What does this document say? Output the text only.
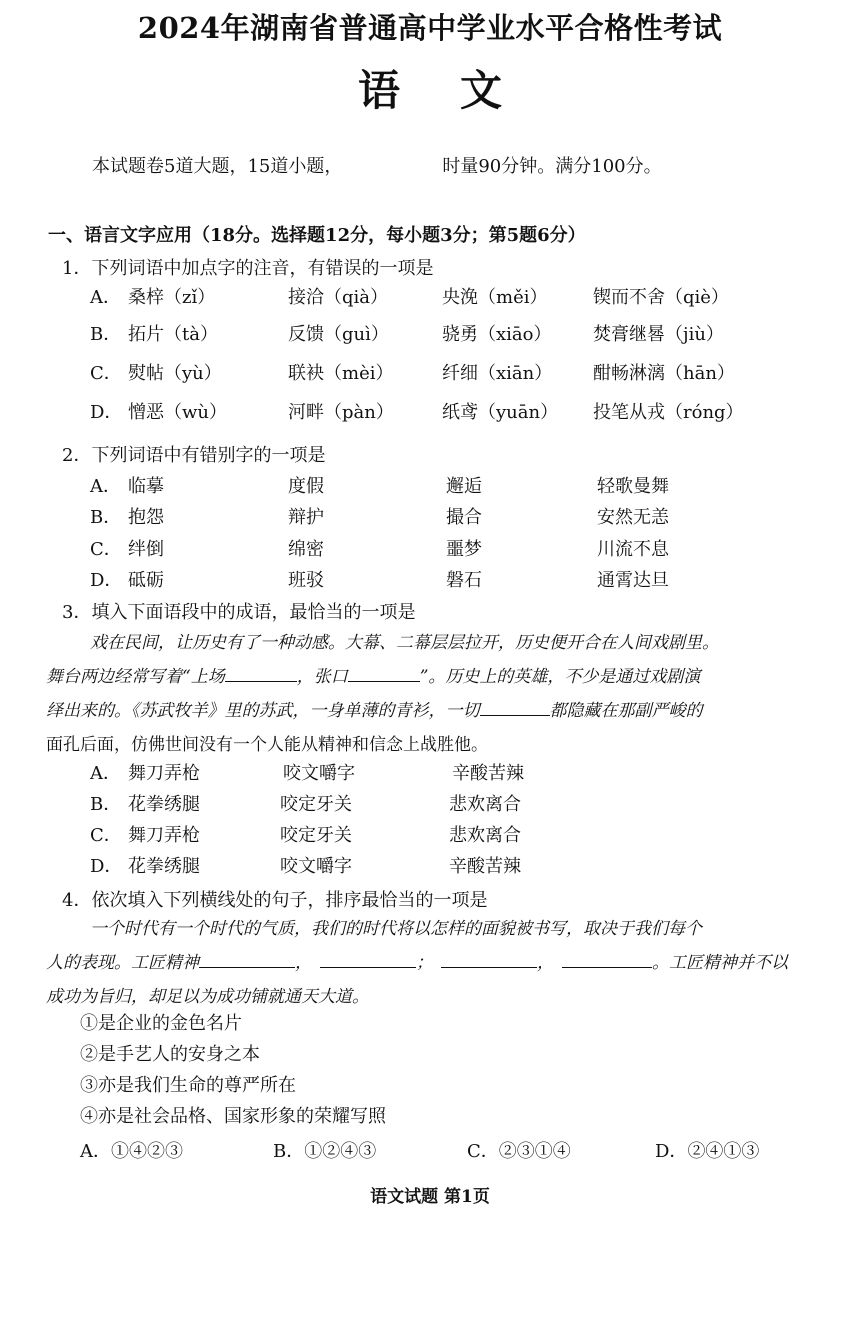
2024年湖南省普通高中学业水平合格性考试
语文
本试题卷5道大题，15道小题，	时量90分钟。满分100分。
一、语言文字应用（18分。选择题12分，每小题3分；第5题6分）
1．下列词语中加点字的注音，有错误的一项是
A． 桑梓（zǐ）	接洽（qià）	央浼（měi）	锲而不舍（qiè）
B． 拓片（tà）	反馈（guì）	骁勇（xiāo） 焚膏继晷（jiù）
C． 熨帖（yù）	联袂（mèi）	纤细（xiān） 酣畅淋漓（hān）
D． 憎恶（wù）	河畔（pàn）	纸鸢（yuān） 投笔从戎（róng）
2．下列词语中有错别字的一项是
A． 临摹	度假	邂逅	轻歌曼舞
B． 抱怨	辩护	撮合	安然无恙
C． 绊倒	绵密	噩梦	川流不息
D． 砥砺	班驳	磐石	通霄达旦
3．填入下面语段中的成语，最恰当的一项是
戏在民间，让历史有了一种动感。大幕、二幕层层拉开，历史便开合在人间戏剧里。
舞台两边经常写着“上场	，张口	”。历史上的英雄，不少是通过戏剧演
绎出来的。《苏武牧羊》里的苏武，一身单薄的青衫，一切	都隐藏在那副严峻的
面孔后面，仿佛世间没有一个人能从精神和信念上战胜他。
A． 舞刀弄枪	咬文嚼字	辛酸苦辣
B． 花拳绣腿	咬定牙关	悲欢离合
C． 舞刀弄枪	咬定牙关	悲欢离合
D． 花拳绣腿	咬文嚼字	辛酸苦辣
4．依次填入下列横线处的句子，排序最恰当的一项是
一个时代有一个时代的气质，我们的时代将以怎样的面貌被书写，取决于我们每个
人的表现。工匠精神	，	；	，	。工匠精神并不以
成功为旨归，却足以为成功铺就通天大道。
①是企业的金色名片
②是手艺人的安身之本
③亦是我们生命的尊严所在
④亦是社会品格、国家形象的荣耀写照
A．①④②③	B．①②④③	C．②③①④	D．②④①③
语文试题 第1页
